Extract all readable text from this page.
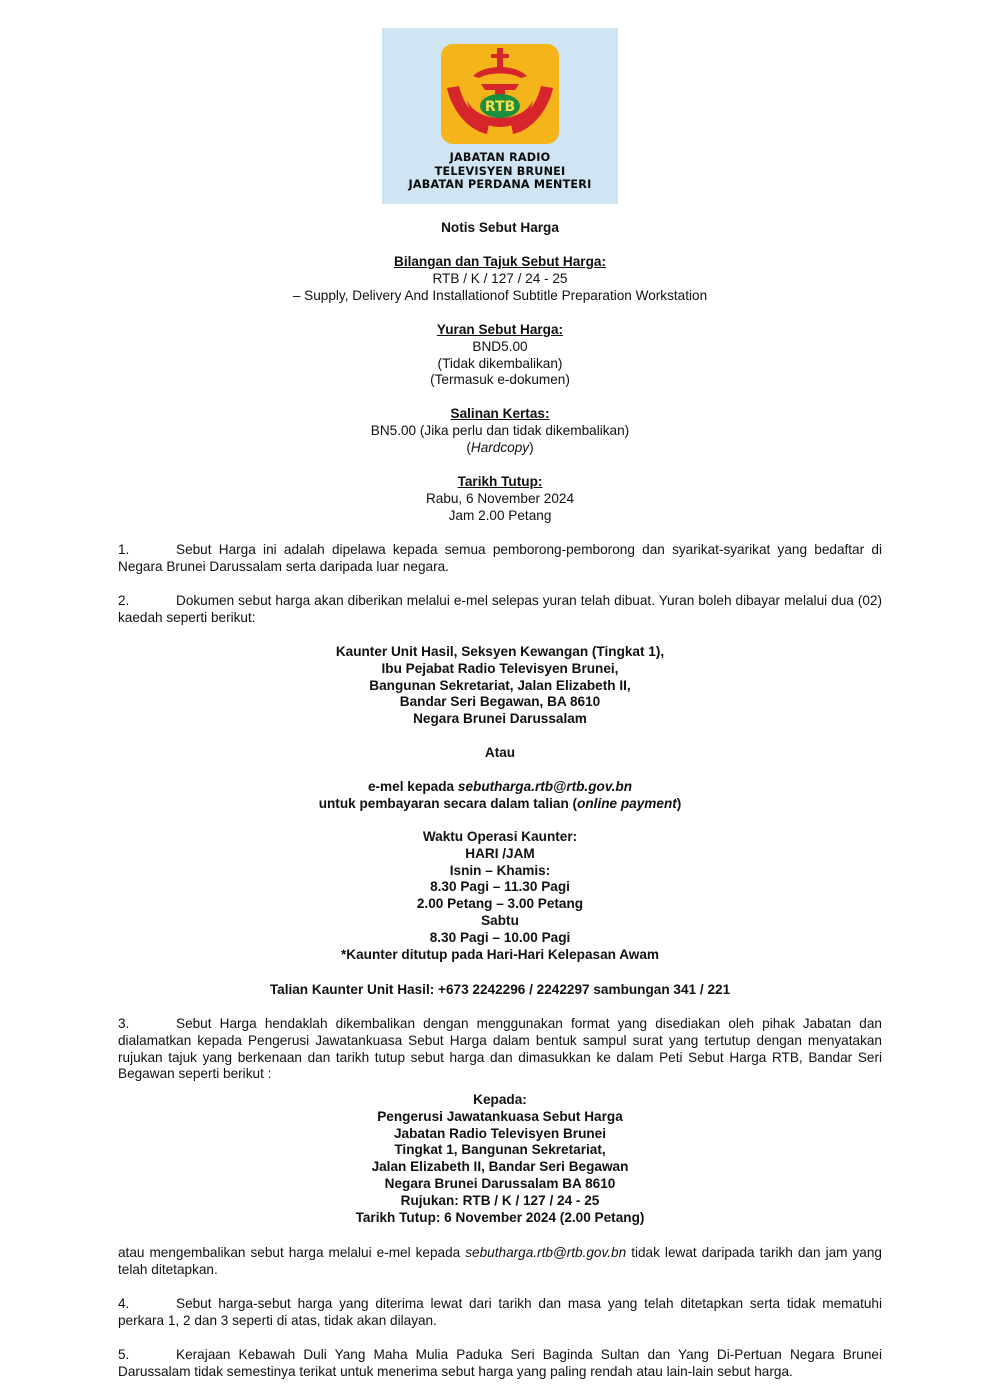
RTB
JABATAN RADIO
TELEVISYEN BRUNEI
JABATAN PERDANA MENTERI
Notis Sebut Harga
Bilangan dan Tajuk Sebut Harga:
RTB / K / 127 / 24 - 25
– Supply, Delivery And Installationof Subtitle Preparation Workstation
Yuran Sebut Harga:
BND5.00
(Tidak dikembalikan)
(Termasuk e-dokumen)
Salinan Kertas:
BN5.00 (Jika perlu dan tidak dikembalikan)
(Hardcopy)
Tarikh Tutup:
Rabu, 6 November 2024
Jam 2.00 Petang
1.	Sebut Harga ini adalah dipelawa kepada semua pemborong-pemborong dan syarikat-syarikat yang bedaftar di Negara Brunei Darussalam serta daripada luar negara.
2.	Dokumen sebut harga akan diberikan melalui e-mel selepas yuran telah dibuat. Yuran boleh dibayar melalui dua (02) kaedah seperti berikut:
Kaunter Unit Hasil, Seksyen Kewangan (Tingkat 1),
Ibu Pejabat Radio Televisyen Brunei,
Bangunan Sekretariat, Jalan Elizabeth II,
Bandar Seri Begawan, BA 8610
Negara Brunei Darussalam
Atau
e-mel kepada sebutharga.rtb@rtb.gov.bn
untuk pembayaran secara dalam talian (online payment)
Waktu Operasi Kaunter:
HARI /JAM
Isnin – Khamis:
8.30 Pagi – 11.30 Pagi
2.00 Petang – 3.00 Petang
Sabtu
8.30 Pagi – 10.00 Pagi
*Kaunter ditutup pada Hari-Hari Kelepasan Awam
Talian Kaunter Unit Hasil: +673 2242296 / 2242297 sambungan 341 / 221
3.	Sebut Harga hendaklah dikembalikan dengan menggunakan format yang disediakan oleh pihak Jabatan dan dialamatkan kepada Pengerusi Jawatankuasa Sebut Harga dalam bentuk sampul surat yang tertutup dengan menyatakan rujukan tajuk yang berkenaan dan tarikh tutup sebut harga dan dimasukkan ke dalam Peti Sebut Harga RTB, Bandar Seri Begawan seperti berikut :
Kepada:
Pengerusi Jawatankuasa Sebut Harga
Jabatan Radio Televisyen Brunei
Tingkat 1, Bangunan Sekretariat,
Jalan Elizabeth II, Bandar Seri Begawan
Negara Brunei Darussalam BA 8610
Rujukan: RTB / K / 127 / 24 - 25
Tarikh Tutup: 6 November 2024 (2.00 Petang)
atau mengembalikan sebut harga melalui e-mel kepada sebutharga.rtb@rtb.gov.bn tidak lewat daripada tarikh dan jam yang telah ditetapkan.
4.	Sebut harga-sebut harga yang diterima lewat dari tarikh dan masa yang telah ditetapkan serta tidak mematuhi perkara 1, 2 dan 3 seperti di atas, tidak akan dilayan.
5.	Kerajaan Kebawah Duli Yang Maha Mulia Paduka Seri Baginda Sultan dan Yang Di-Pertuan Negara Brunei Darussalam tidak semestinya terikat untuk menerima sebut harga yang paling rendah atau lain-lain sebut harga.
